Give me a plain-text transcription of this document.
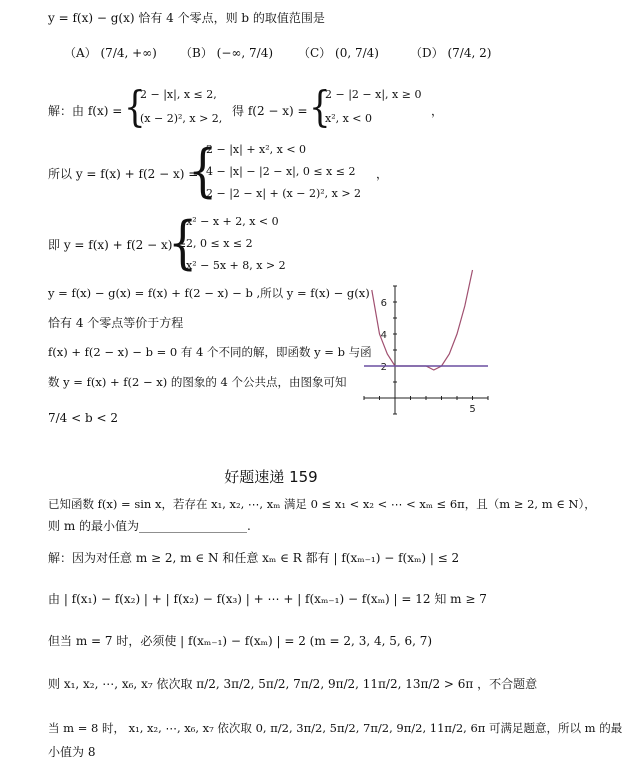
y = f(x) − g(x) 恰有 4 个零点，则 b 的取值范围是
（A） (7/4, +∞) （B） (−∞, 7/4) （C） (0, 7/4)	（D） (7/4, 2)
解：由 f(x) = {
2 − |x|, x ≤ 2,
(x − 2)², x > 2,
得 f(2 − x) = {
2 − |2 − x|, x ≥ 0
x², x < 0
，
所以 y = f(x) + f(2 − x) =
{
2 − |x| + x², x < 0
4 − |x| − |2 − x|, 0 ≤ x ≤ 2
2 − |2 − x| + (x − 2)², x > 2
，
即 y = f(x) + f(2 − x) =
{
x² − x + 2, x < 0
2, 0 ≤ x ≤ 2
x² − 5x + 8, x > 2
y = f(x) − g(x) = f(x) + f(2 − x) − b ,所以 y = f(x) − g(x)
恰有 4 个零点等价于方程
f(x) + f(2 − x) − b = 0 有 4 个不同的解，即函数 y = b 与函
数 y = f(x) + f(2 − x) 的图象的 4 个公共点，由图象可知
7/4 < b < 2
6
4
2
5
好题速递 159
已知函数 f(x) = sin x，若存在 x₁, x₂, ⋯, xₘ 满足 0 ≤ x₁ < x₂ < ⋯ < xₘ ≤ 6π，且（m ≥ 2, m ∈ N），
则 m 的最小值为__________________.
解：因为对任意 m ≥ 2, m ∈ N 和任意 xₘ ∈ R 都有 | f(xₘ₋₁) − f(xₘ) | ≤ 2
由 | f(x₁) − f(x₂) | + | f(x₂) − f(x₃) | + ⋯ + | f(xₘ₋₁) − f(xₘ) | = 12 知 m ≥ 7
但当 m = 7 时，必须使 | f(xₘ₋₁) − f(xₘ) | = 2 (m = 2, 3, 4, 5, 6, 7)
则 x₁, x₂, ⋯, x₆, x₇ 依次取 π/2, 3π/2, 5π/2, 7π/2, 9π/2, 11π/2, 13π/2 > 6π ，不合题意
当 m = 8 时， x₁, x₂, ⋯, x₆, x₇ 依次取 0, π/2, 3π/2, 5π/2, 7π/2, 9π/2, 11π/2, 6π 可满足题意，所以 m 的最
小值为 8
